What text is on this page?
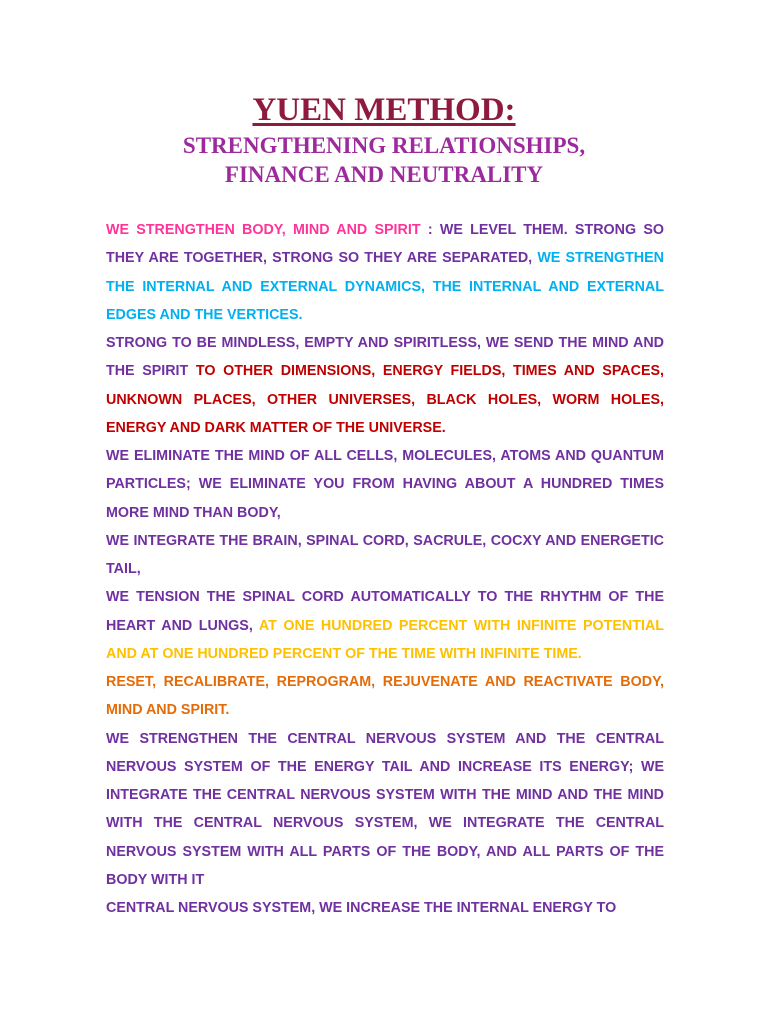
YUEN METHOD:
STRENGTHENING RELATIONSHIPS,
FINANCE AND NEUTRALITY

WE STRENGTHEN BODY, MIND AND SPIRIT : WE LEVEL THEM. STRONG SO THEY ARE TOGETHER, STRONG SO THEY ARE SEPARATED, WE STRENGTHEN THE INTERNAL AND EXTERNAL DYNAMICS, THE INTERNAL AND EXTERNAL EDGES AND THE VERTICES.

STRONG TO BE MINDLESS, EMPTY AND SPIRITLESS, WE SEND THE MIND AND THE SPIRIT TO OTHER DIMENSIONS, ENERGY FIELDS, TIMES AND SPACES, UNKNOWN PLACES, OTHER UNIVERSES, BLACK HOLES, WORM HOLES, ENERGY AND DARK MATTER OF THE UNIVERSE.

WE ELIMINATE THE MIND OF ALL CELLS, MOLECULES, ATOMS AND QUANTUM PARTICLES; WE ELIMINATE YOU FROM HAVING ABOUT A HUNDRED TIMES MORE MIND THAN BODY,

WE INTEGRATE THE BRAIN, SPINAL CORD, SACRULE, COCXY AND ENERGETIC TAIL,

WE TENSION THE SPINAL CORD AUTOMATICALLY TO THE RHYTHM OF THE HEART AND LUNGS, AT ONE HUNDRED PERCENT WITH INFINITE POTENTIAL AND AT ONE HUNDRED PERCENT OF THE TIME WITH INFINITE TIME.

RESET, RECALIBRATE, REPROGRAM, REJUVENATE AND REACTIVATE BODY, MIND AND SPIRIT.

WE STRENGTHEN THE CENTRAL NERVOUS SYSTEM AND THE CENTRAL NERVOUS SYSTEM OF THE ENERGY TAIL AND INCREASE ITS ENERGY; WE INTEGRATE THE CENTRAL NERVOUS SYSTEM WITH THE MIND AND THE MIND WITH THE CENTRAL NERVOUS SYSTEM, WE INTEGRATE THE CENTRAL NERVOUS SYSTEM WITH ALL PARTS OF THE BODY, AND ALL PARTS OF THE BODY WITH IT

CENTRAL NERVOUS SYSTEM, WE INCREASE THE INTERNAL ENERGY TO
